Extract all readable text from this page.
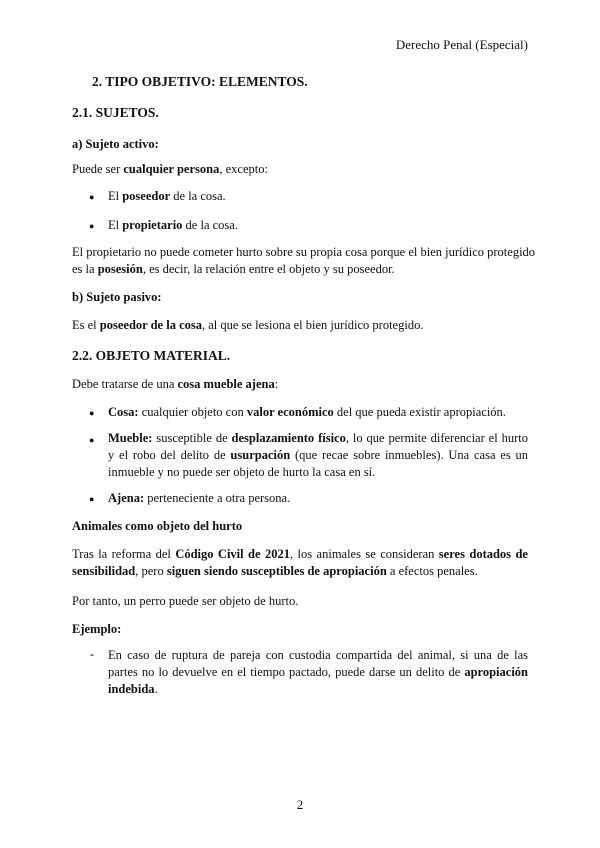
Derecho Penal (Especial)
2. TIPO OBJETIVO: ELEMENTOS.
2.1. SUJETOS.
a) Sujeto activo:
Puede ser cualquier persona, excepto:
● El poseedor de la cosa.
● El propietario de la cosa.
El propietario no puede cometer hurto sobre su propia cosa porque el bien jurídico protegido
es la posesión, es decir, la relación entre el objeto y su poseedor.
b) Sujeto pasivo:
Es el poseedor de la cosa, al que se lesiona el bien jurídico protegido.
2.2. OBJETO MATERIAL.
Debe tratarse de una cosa mueble ajena:
● Cosa: cualquier objeto con valor económico del que pueda existir apropiación.
● Mueble: susceptible de desplazamiento físico, lo que permite diferenciar el hurto y el robo del delito de usurpación (que recae sobre inmuebles). Una casa es un inmueble y no puede ser objeto de hurto la casa en sí.
● Ajena: perteneciente a otra persona.
Animales como objeto del hurto
Tras la reforma del Código Civil de 2021, los animales se consideran seres dotados de sensibilidad, pero siguen siendo susceptibles de apropiación a efectos penales.
Por tanto, un perro puede ser objeto de hurto.
Ejemplo:
- En caso de ruptura de pareja con custodia compartida del animal, si una de las partes no lo devuelve en el tiempo pactado, puede darse un delito de apropiación indebida.
2
